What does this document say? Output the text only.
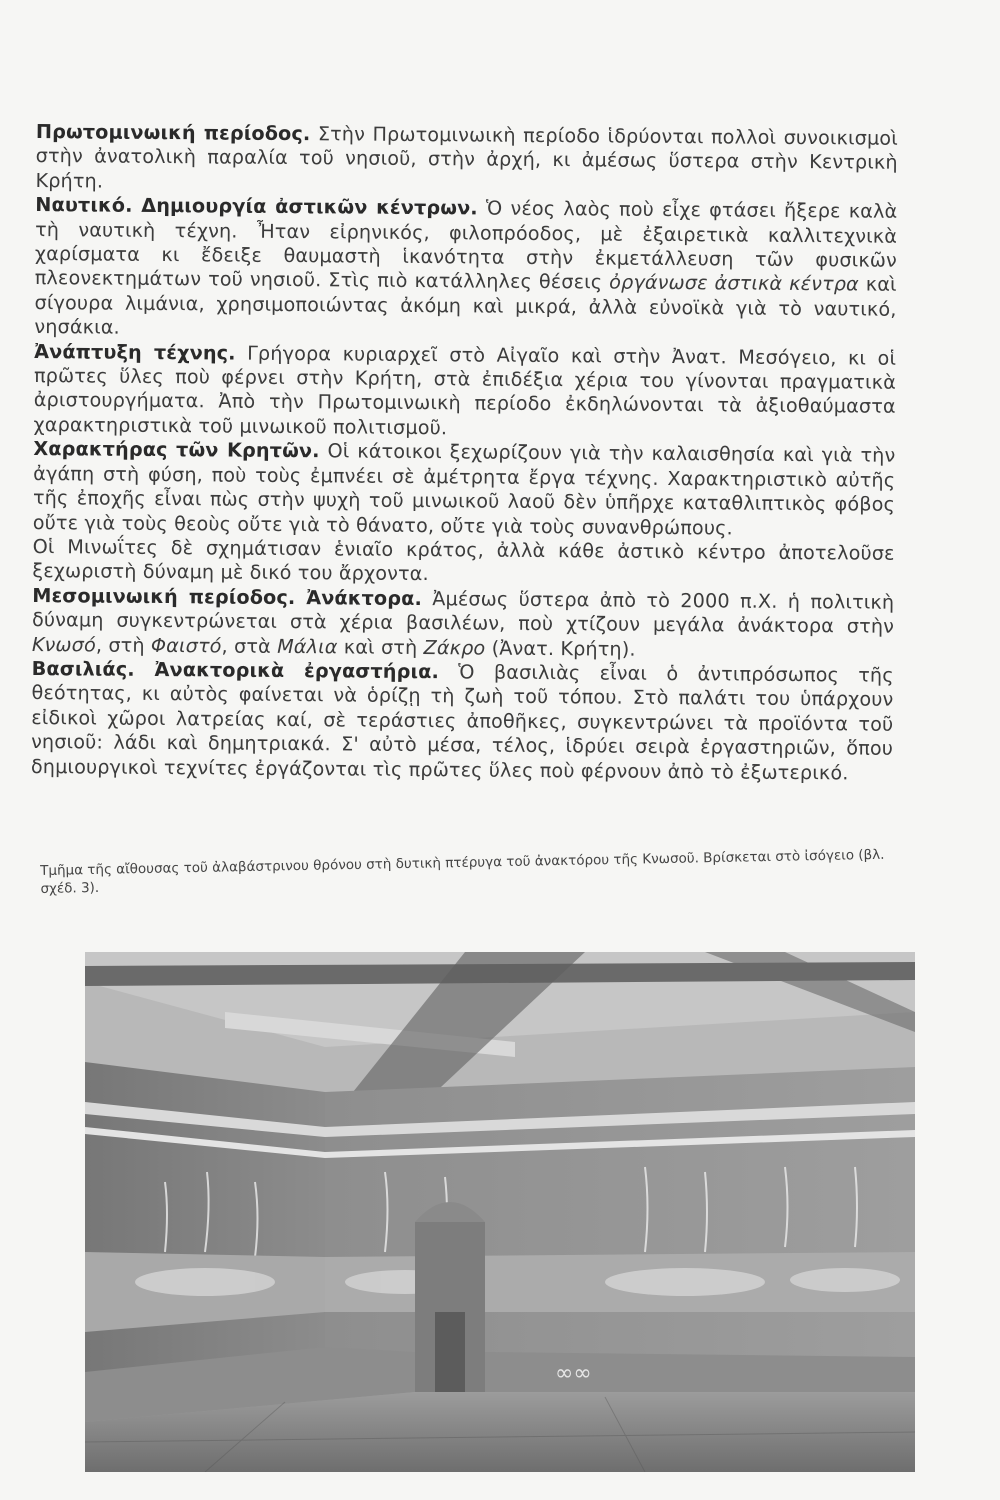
Πρωτομινωική περίοδος. Στὴν Πρωτομινωικὴ περίοδο ἱδρύονται πολλοὶ συνοικισμοὶ στὴν ἀνατολικὴ παραλία τοῦ νησιοῦ, στὴν ἀρχή, κι ἀμέσως ὕστερα στὴν Κεντρικὴ Κρήτη.

Ναυτικό. Δημιουργία ἀστικῶν κέντρων. Ὁ νέος λαὸς ποὺ εἶχε φτάσει ἤξερε καλὰ τὴ ναυτικὴ τέχνη. Ἦταν εἰρηνικός, φιλοπρόοδος, μὲ ἐξαιρετικὰ καλλιτεχνικὰ χαρίσματα κι ἔδειξε θαυμαστὴ ἱκανότητα στὴν ἐκμετάλλευση τῶν φυσικῶν πλεονεκτημάτων τοῦ νησιοῦ. Στὶς πιὸ κατάλληλες θέσεις ὀργάνωσε ἀστικὰ κέντρα καὶ σίγουρα λιμάνια, χρησιμοποιώντας ἀκόμη καὶ μικρά, ἀλλὰ εὐνοϊκὰ γιὰ τὸ ναυτικό, νησάκια.

Ἀνάπτυξη τέχνης. Γρήγορα κυριαρχεῖ στὸ Αἰγαῖο καὶ στὴν Ἀνατ. Μεσόγειο, κι οἱ πρῶτες ὕλες ποὺ φέρνει στὴν Κρήτη, στὰ ἐπιδέξια χέρια του γίνονται πραγματικὰ ἀριστουργήματα. Ἀπὸ τὴν Πρωτομινωικὴ περίοδο ἐκδηλώνονται τὰ ἀξιοθαύμαστα χαρακτηριστικὰ τοῦ μινωικοῦ πολιτισμοῦ.

Χαρακτήρας τῶν Κρητῶν. Οἱ κάτοικοι ξεχωρίζουν γιὰ τὴν καλαισθησία καὶ γιὰ τὴν ἀγάπη στὴ φύση, ποὺ τοὺς ἐμπνέει σὲ ἀμέτρητα ἔργα τέχνης. Χαρακτηριστικὸ αὐτῆς τῆς ἐποχῆς εἶναι πὼς στὴν ψυχὴ τοῦ μινωικοῦ λαοῦ δὲν ὑπῆρχε καταθλιπτικὸς φόβος οὔτε γιὰ τοὺς θεοὺς οὔτε γιὰ τὸ θάνατο, οὔτε γιὰ τοὺς συνανθρώπους.

Οἱ Μινωΐτες δὲ σχημάτισαν ἑνιαῖο κράτος, ἀλλὰ κάθε ἀστικὸ κέντρο ἀποτελοῦσε ξεχωριστὴ δύναμη μὲ δικό του ἄρχοντα.

Μεσομινωική περίοδος. Ἀνάκτορα. Ἀμέσως ὕστερα ἀπὸ τὸ 2000 π.Χ. ἡ πολιτικὴ δύναμη συγκεντρώνεται στὰ χέρια βασιλέων, ποὺ χτίζουν μεγάλα ἀνάκτορα στὴν Κνωσό, στὴ Φαιστό, στὰ Μάλια καὶ στὴ Ζάκρο (Ἀνατ. Κρήτη).

Βασιλιάς. Ἀνακτορικὰ ἐργαστήρια. Ὁ βασιλιὰς εἶναι ὁ ἀντιπρόσωπος τῆς θεότητας, κι αὐτὸς φαίνεται νὰ ὁρίζῃ τὴ ζωὴ τοῦ τόπου. Στὸ παλάτι του ὑπάρχουν εἰδικοὶ χῶροι λατρείας καί, σὲ τεράστιες ἀποθῆκες, συγκεντρώνει τὰ προϊόντα τοῦ νησιοῦ: λάδι καὶ δημητριακά. Σ' αὐτὸ μέσα, τέλος, ἱδρύει σειρὰ ἐργαστηριῶν, ὅπου δημιουργικοὶ τεχνίτες ἐργάζονται τὶς πρῶτες ὕλες ποὺ φέρνουν ἀπὸ τὸ ἐξωτερικό.

Τμῆμα τῆς αἴθουσας τοῦ ἀλαβάστρινου θρόνου στὴ δυτικὴ πτέρυγα τοῦ ἀνακτόρου τῆς Κνωσοῦ. Βρίσκεται στὸ ἰσόγειο (βλ. σχέδ. 3).
∞∞
